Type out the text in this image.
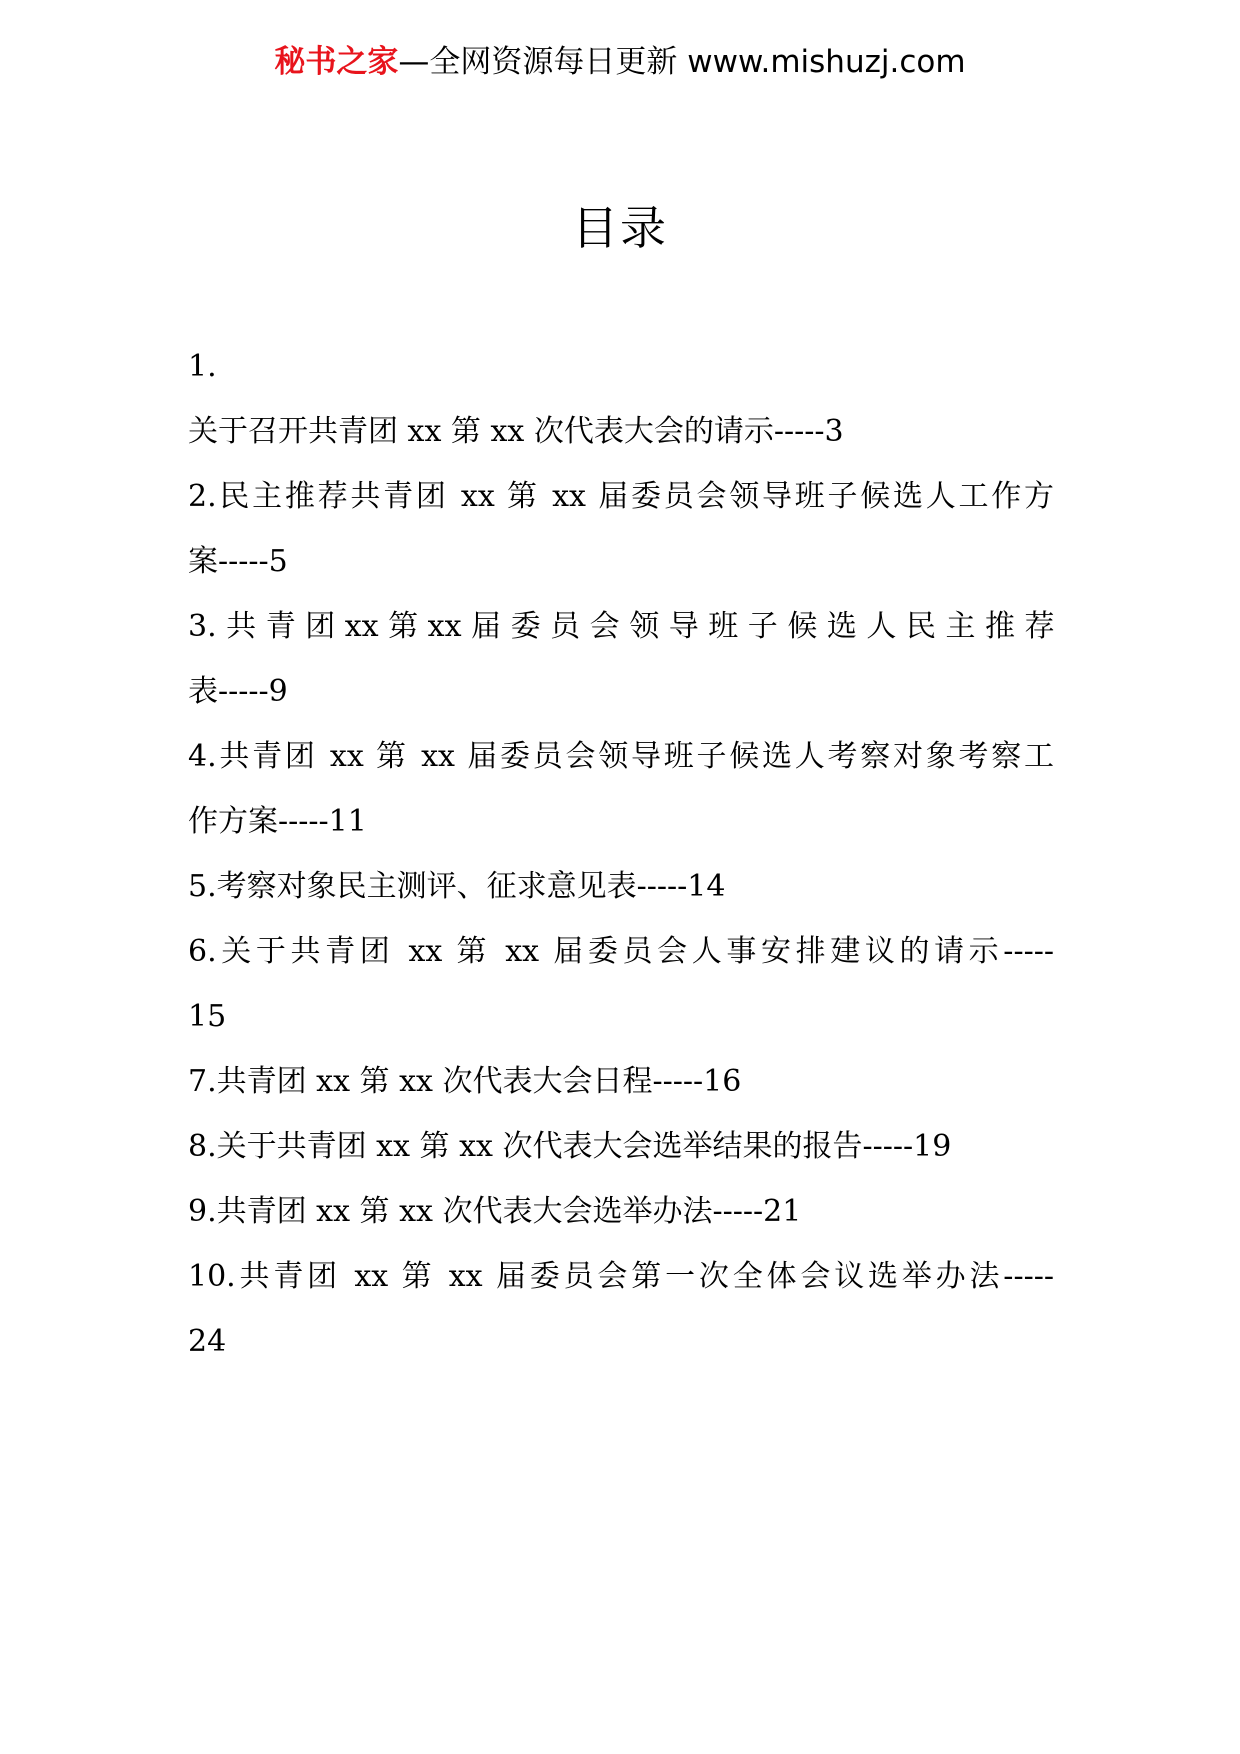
秘书之家—全网资源每日更新 www.mishuzj.com
目录
1.
关于召开共青团 xx 第 xx 次代表大会的请示-----3
2.民主推荐共青团 xx 第 xx 届委员会领导班子候选人工作方
案-----5
3. 共 青 团 xx 第 xx 届 委 员 会 领 导 班 子 候 选 人 民 主 推 荐
表-----9
4.共青团 xx 第 xx 届委员会领导班子候选人考察对象考察工
作方案-----11
5.考察对象民主测评、征求意见表-----14
6.关于共青团 xx 第 xx 届委员会人事安排建议的请示-----
15
7.共青团 xx 第 xx 次代表大会日程-----16
8.关于共青团 xx 第 xx 次代表大会选举结果的报告-----19
9.共青团 xx 第 xx 次代表大会选举办法-----21
10.共青团 xx 第 xx 届委员会第一次全体会议选举办法-----
24
